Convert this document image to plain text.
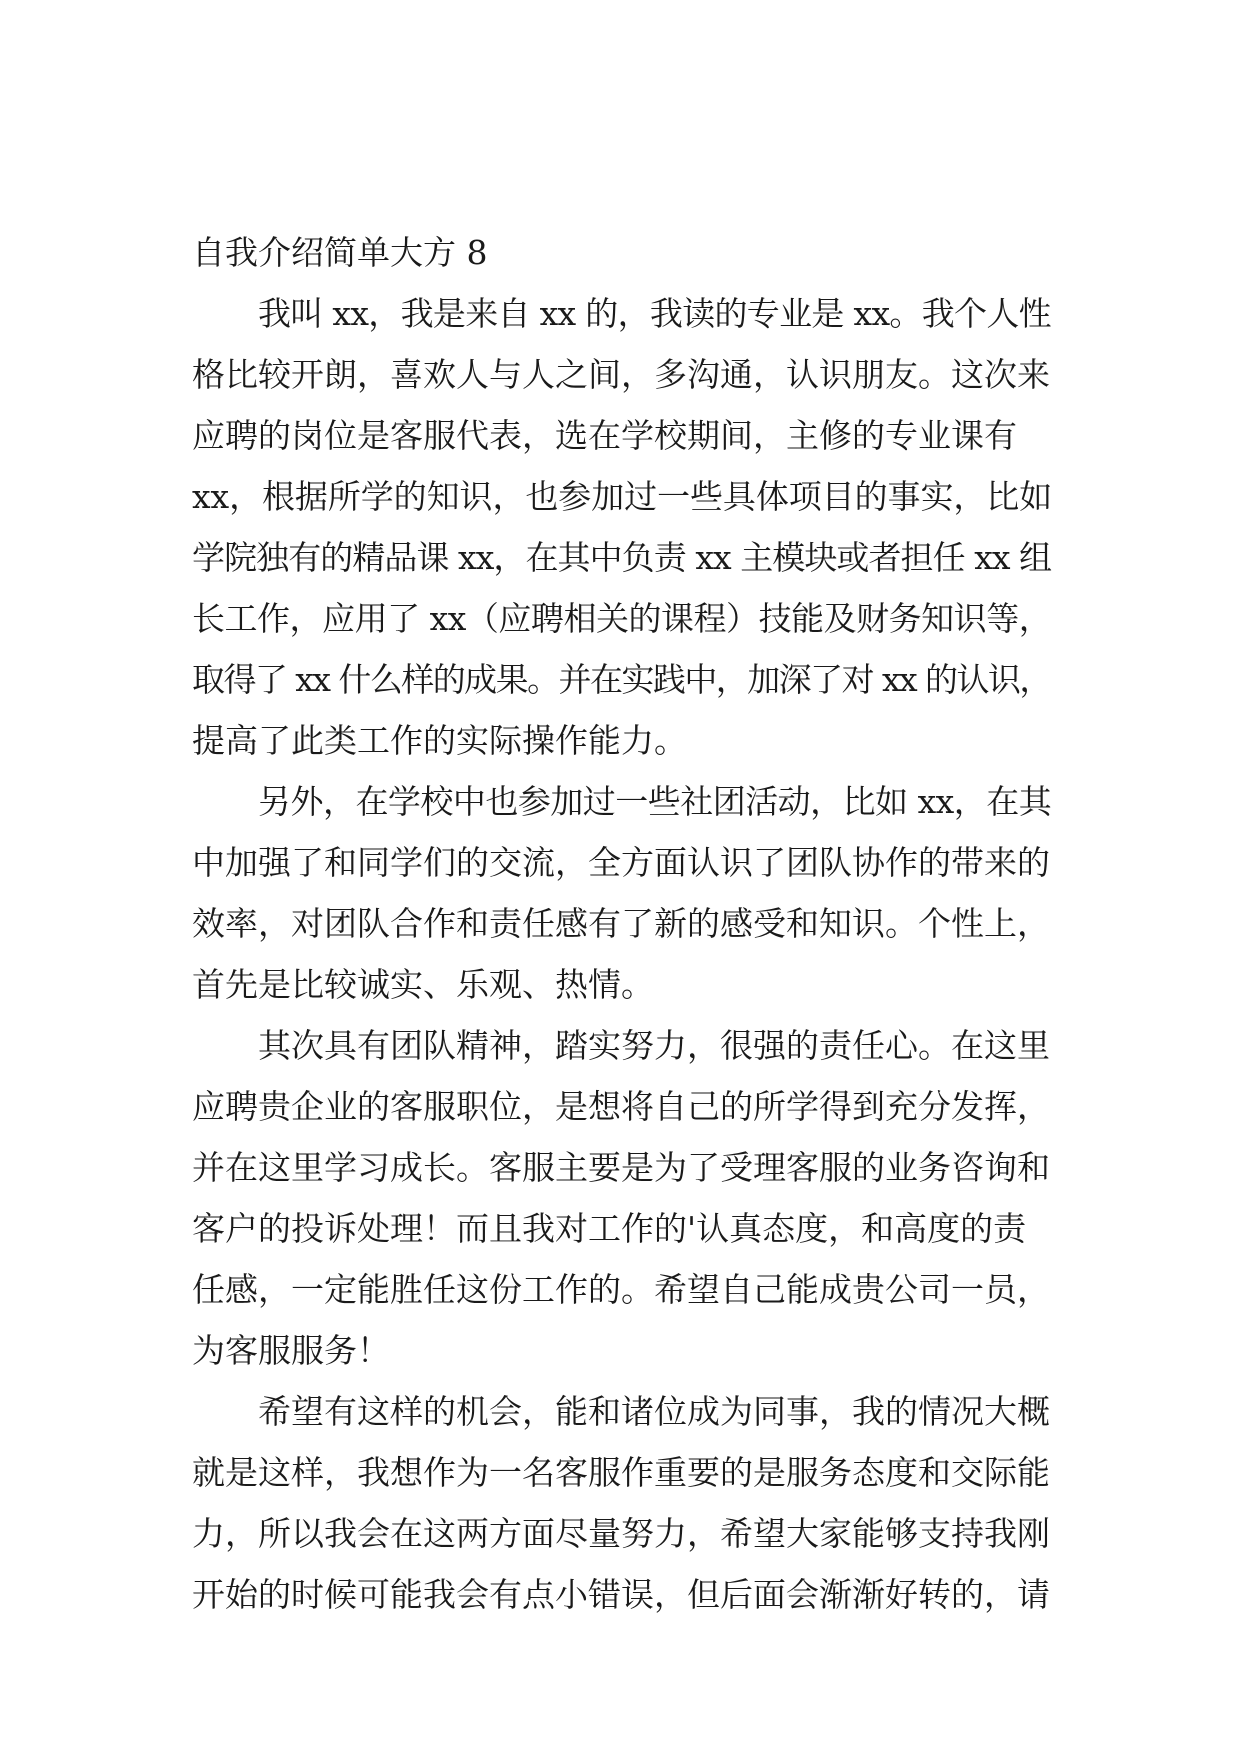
自我介绍简单大方 8

我叫 xx，我是来自 xx 的，我读的专业是 xx。我个人性

格比较开朗，喜欢人与人之间，多沟通，认识朋友。这次来

应聘的岗位是客服代表，选在学校期间，主修的专业课有

xx，根据所学的知识，也参加过一些具体项目的事实，比如

学院独有的精品课 xx，在其中负责 xx 主模块或者担任 xx 组

长工作，应用了 xx（应聘相关的课程）技能及财务知识等，

取得了 xx 什么样的成果。并在实践中，加深了对 xx 的认识，

提高了此类工作的实际操作能力。

另外，在学校中也参加过一些社团活动，比如 xx，在其

中加强了和同学们的交流，全方面认识了团队协作的带来的

效率，对团队合作和责任感有了新的感受和知识。个性上，

首先是比较诚实、乐观、热情。

其次具有团队精神，踏实努力，很强的责任心。在这里

应聘贵企业的客服职位，是想将自己的所学得到充分发挥，

并在这里学习成长。客服主要是为了受理客服的业务咨询和

客户的投诉处理！而且我对工作的'认真态度，和高度的责

任感，一定能胜任这份工作的。希望自己能成贵公司一员，

为客服服务！

希望有这样的机会，能和诸位成为同事，我的情况大概

就是这样，我想作为一名客服作重要的是服务态度和交际能

力，所以我会在这两方面尽量努力，希望大家能够支持我刚

开始的时候可能我会有点小错误，但后面会渐渐好转的，请
